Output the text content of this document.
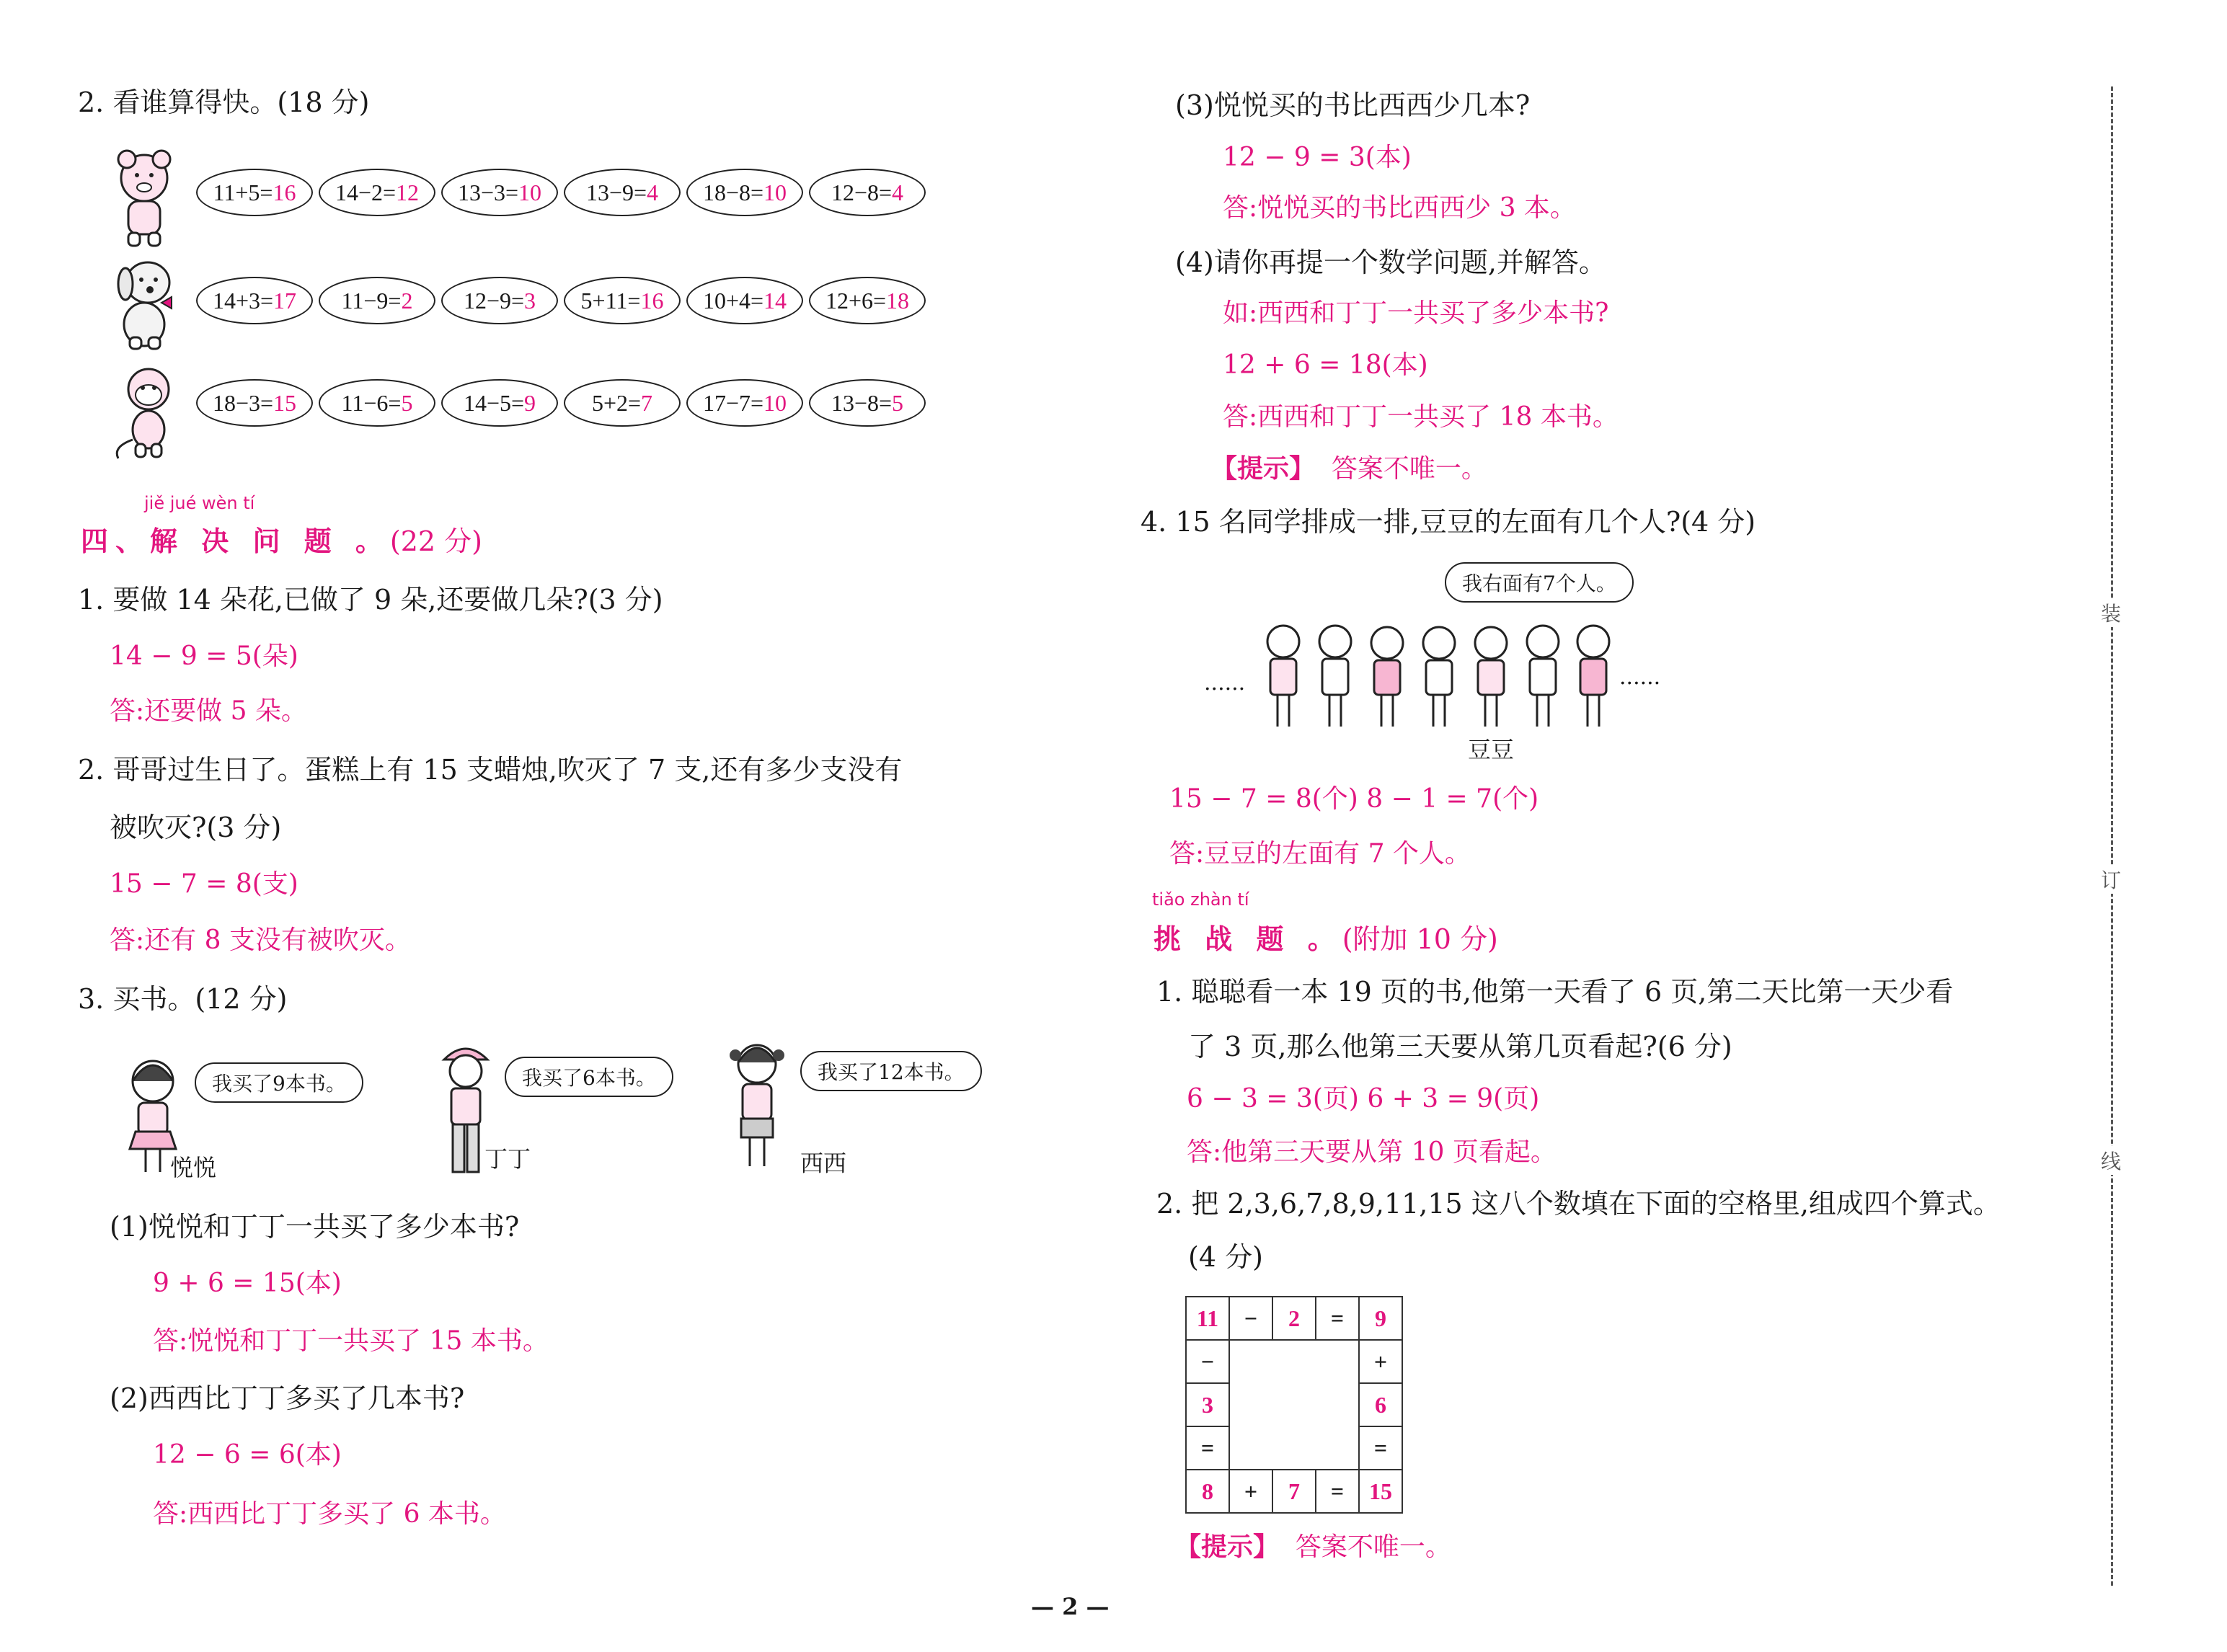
2. 看谁算得快。(18 分)
11+5= 16 14−2= 12 13−3= 10 13−9= 4 18−8= 10 12−8= 4
14+3= 17 11−9= 2 12−9= 3 5+11= 16 10+4= 14 12+6= 18
18−3= 15 11−6= 5 14−5= 9 5+2= 7 17−7= 10 13−8= 5
jiě jué wèn tí
四、解 决 问 题 。(22 分)
1. 要做 14 朵花,已做了 9 朵,还要做几朵?(3 分)
14 − 9 = 5(朵)
答:还要做 5 朵。
2. 哥哥过生日了。蛋糕上有 15 支蜡烛,吹灭了 7 支,还有多少支没有
被吹灭?(3 分)
15 − 7 = 8(支)
答:还有 8 支没有被吹灭。
3. 买书。(12 分)
我买了9本书。
悦悦
我买了6本书。
丁丁
我买了12本书。
西西
(1)悦悦和丁丁一共买了多少本书?
9 + 6 = 15(本)
答:悦悦和丁丁一共买了 15 本书。
(2)西西比丁丁多买了几本书?
12 − 6 = 6(本)
答:西西比丁丁多买了 6 本书。
(3)悦悦买的书比西西少几本?
12 − 9 = 3(本)
答:悦悦买的书比西西少 3 本。
(4)请你再提一个数学问题,并解答。
如:西西和丁丁一共买了多少本书?
12 + 6 = 18(本)
答:西西和丁丁一共买了 18 本书。
【提示】 答案不唯一。
4. 15 名同学排成一排,豆豆的左面有几个人?(4 分)
我右面有7个人。
......	......
豆豆
15 − 7 = 8(个) 8 − 1 = 7(个)
答:豆豆的左面有 7 个人。
tiǎo zhàn tí
挑 战 题 。(附加 10 分)
1. 聪聪看一本 19 页的书,他第一天看了 6 页,第二天比第一天少看
了 3 页,那么他第三天要从第几页看起?(6 分)
6 − 3 = 3(页) 6 + 3 = 9(页)
答:他第三天要从第 10 页看起。
2. 把 2,3,6,7,8,9,11,15 这八个数填在下面的空格里,组成四个算式。
(4 分)
11	−	2	=	9
−				+
3				6
=				=
8	+	7	=	15
【提示】 答案不唯一。
装
订
线
— 2 —
